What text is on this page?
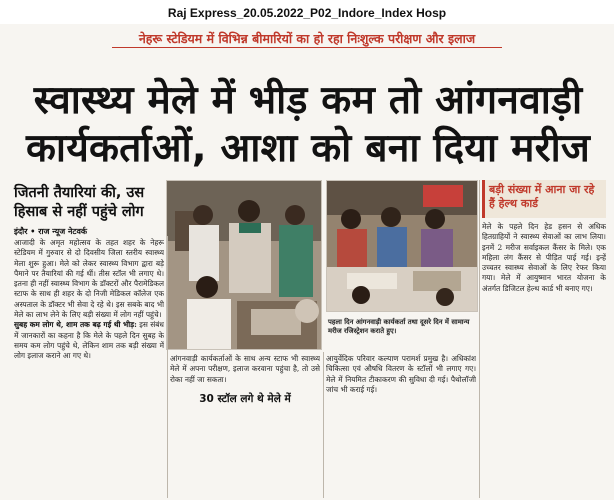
Raj Express_20.05.2022_P02_Indore_Index Hosp
नेहरू स्टेडियम में विभिन्न बीमारियों का हो रहा निःशुल्क परीक्षण और इलाज
स्वास्थ्य मेले में भीड़ कम तो आंगनवाड़ी
कार्यकर्ताओं, आशा को बना दिया मरीज
जितनी तैयारियां की, उस हिसाब से नहीं पहुंचे लोग
इंदौर • राज न्यूज नेटवर्क

आजादी के अमृत महोत्सव के तहत शहर के नेहरू स्टेडियम में गुरुवार से दो दिवसीय जिला स्तरीय स्वास्थ्य मेला शुरू हुआ। मेले को लेकर स्वास्थ्य विभाग द्वारा बड़े पैमाने पर तैयारियां की गई थीं। तीस स्टॉल भी लगाए थे। इतना ही नहीं स्वास्थ्य विभाग के डॉक्टरों और पैरामेडिकल स्टाफ के साथ ही शहर के दो निजी मेडिकल कॉलेज एक अस्पताल के डॉक्टर भी सेवा दे रहे थे। इस सबके बाद भी मेले का लाभ लेने के लिए बड़ी संख्या में लोग नहीं पहुंचे।

सुबह कम लोग थे, शाम तक बढ़ गई थी भीड़: इस संबंध में जानकारों का कहना है कि मेले के पहले दिन सुबह के समय कम लोग पहुंचे थे, लेकिन शाम तक बड़ी संख्या में लोग इलाज कराने आ गए थे।

पहला दिन आंगनवाड़ी कार्यकर्ता तथा दूसरे दिन में सामान्य मरीज रजिस्ट्रेशन कराते हुए।
बड़ी संख्या में आना जा रहे हैं हेल्थ कार्ड

आंगनवाड़ी कार्यकर्ताओं के साथ अन्य स्टाफ भी स्वास्थ्य मेले में अपना परीक्षण, इलाज करवाना पहुंचा है, तो उसे रोका नहीं जा सकता।

30 स्टॉल लगे थे मेले में

आयुर्वेदिक परिवार कल्याण परामर्श प्रमुख है। अधिकांश चिकित्सा एवं औषधि वितरण के स्टॉलों भी लगाए गए। मेले में नियमित टीकाकरण की सुविधा दी गई। पैथोलॉजी जांच भी कराई गई।

मेले के पहले दिन हेड हसन से अधिक हितग्राहियों ने स्वास्थ्य सेवाओं का लाभ लिया। इनमें 2 मरीज सर्वाइकल कैंसर के मिले। एक महिला लंग कैंसर से पीड़ित पाई गई। इन्हें उच्चतर स्वास्थ्य सेवाओं के लिए रेफर किया गया। मेले में आयुष्मान भारत योजना के अंतर्गत डिजिटल हेल्थ कार्ड भी बनाए गए।
